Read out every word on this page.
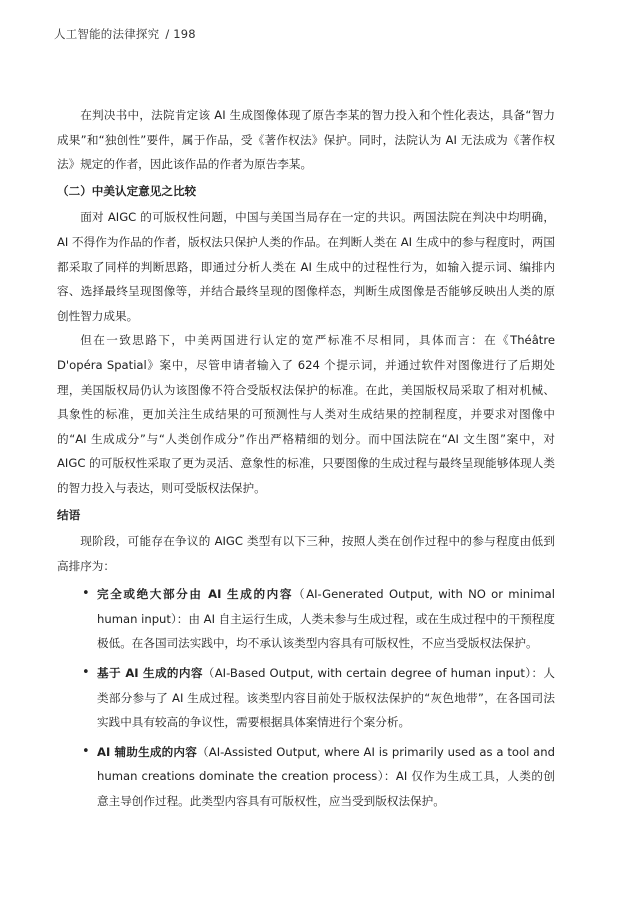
人工智能的法律探究 / 198

在判决书中，法院肯定该 AI 生成图像体现了原告李某的智力投入和个性化表达，具备“智力成果”和“独创性”要件，属于作品，受《著作权法》保护。同时，法院认为 AI 无法成为《著作权法》规定的作者，因此该作品的作者为原告李某。

（二）中美认定意见之比较

面对 AIGC 的可版权性问题，中国与美国当局存在一定的共识。两国法院在判决中均明确，AI 不得作为作品的作者，版权法只保护人类的作品。在判断人类在 AI 生成中的参与程度时，两国都采取了同样的判断思路，即通过分析人类在 AI 生成中的过程性行为，如输入提示词、编排内容、选择最终呈现图像等，并结合最终呈现的图像样态，判断生成图像是否能够反映出人类的原创性智力成果。

但在一致思路下，中美两国进行认定的宽严标准不尽相同，具体而言：在《Théâtre D'opéra Spatial》案中，尽管申请者输入了 624 个提示词，并通过软件对图像进行了后期处理，美国版权局仍认为该图像不符合受版权法保护的标准。在此，美国版权局采取了相对机械、具象性的标准，更加关注生成结果的可预测性与人类对生成结果的控制程度，并要求对图像中的“AI 生成成分”与“人类创作成分”作出严格精细的划分。而中国法院在“AI 文生图”案中，对 AIGC 的可版权性采取了更为灵活、意象性的标准，只要图像的生成过程与最终呈现能够体现人类的智力投入与表达，则可受版权法保护。

结语

现阶段，可能存在争议的 AIGC 类型有以下三种，按照人类在创作过程中的参与程度由低到高排序为：

• 完全或绝大部分由 AI 生成的内容（AI-Generated Output, with NO or minimal human input）：由 AI 自主运行生成，人类未参与生成过程，或在生成过程中的干预程度极低。在各国司法实践中，均不承认该类型内容具有可版权性，不应当受版权法保护。
• 基于 AI 生成的内容（AI-Based Output, with certain degree of human input）：人类部分参与了 AI 生成过程。该类型内容目前处于版权法保护的“灰色地带”，在各国司法实践中具有较高的争议性，需要根据具体案情进行个案分析。
• AI 辅助生成的内容（AI-Assisted Output, where AI is primarily used as a tool and human creations dominate the creation process）：AI 仅作为生成工具，人类的创意主导创作过程。此类型内容具有可版权性，应当受到版权法保护。
